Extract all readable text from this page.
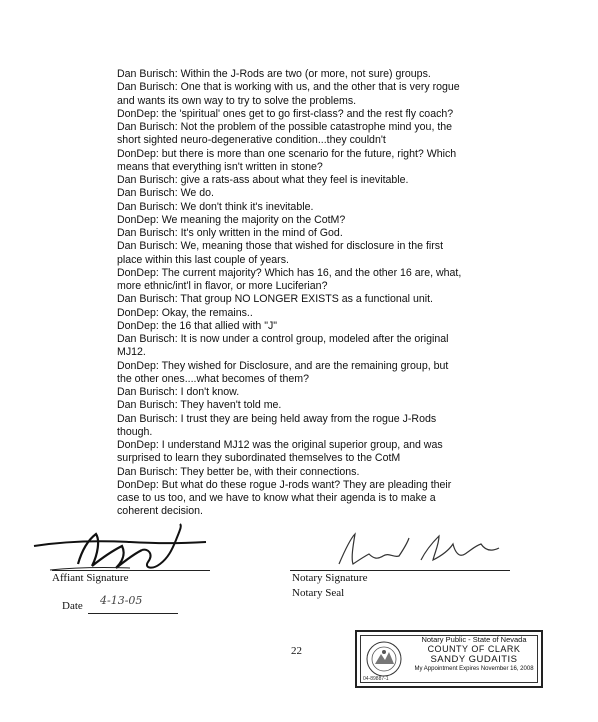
Dan Burisch: Within the J-Rods are two (or more, not sure) groups.
Dan Burisch: One that is working with us, and the other that is very rogue
and wants its own way to try to solve the problems.
DonDep: the 'spiritual' ones get to go first-class? and the rest fly coach?
Dan Burisch: Not the problem of the possible catastrophe mind you, the
short sighted neuro-degenerative condition...they couldn't
DonDep: but there is more than one scenario for the future, right? Which
means that everything isn't written in stone?
Dan Burisch: give a rats-ass about what they feel is inevitable.
Dan Burisch: We do.
Dan Burisch: We don't think it's inevitable.
DonDep: We meaning the majority on the CotM?
Dan Burisch: It's only written in the mind of God.
Dan Burisch: We, meaning those that wished for disclosure in the first
place within this last couple of years.
DonDep: The current majority? Which has 16, and the other 16 are, what,
more ethnic/int'l in flavor, or more Luciferian?
Dan Burisch: That group NO LONGER EXISTS as a functional unit.
DonDep: Okay, the remains..
DonDep: the 16 that allied with "J"
Dan Burisch: It is now under a control group, modeled after the original
MJ12.
DonDep: They wished for Disclosure, and are the remaining group, but
the other ones....what becomes of them?
Dan Burisch: I don't know.
Dan Burisch: They haven't told me.
Dan Burisch: I trust they are being held away from the rogue J-Rods
though.
DonDep: I understand MJ12 was the original superior group, and was
surprised to learn they subordinated themselves to the CotM
Dan Burisch: They better be, with their connections.
DonDep: But what do these rogue J-rods want? They are pleading their
case to us too, and we have to know what their agenda is to make a
coherent decision.
Affiant Signature
Date 4-13-05
Notary Signature
Notary Seal
22
Notary Public - State of Nevada
COUNTY OF CLARK
SANDY GUDAITIS
My Appointment Expires November 16, 2008
04-89887-1
